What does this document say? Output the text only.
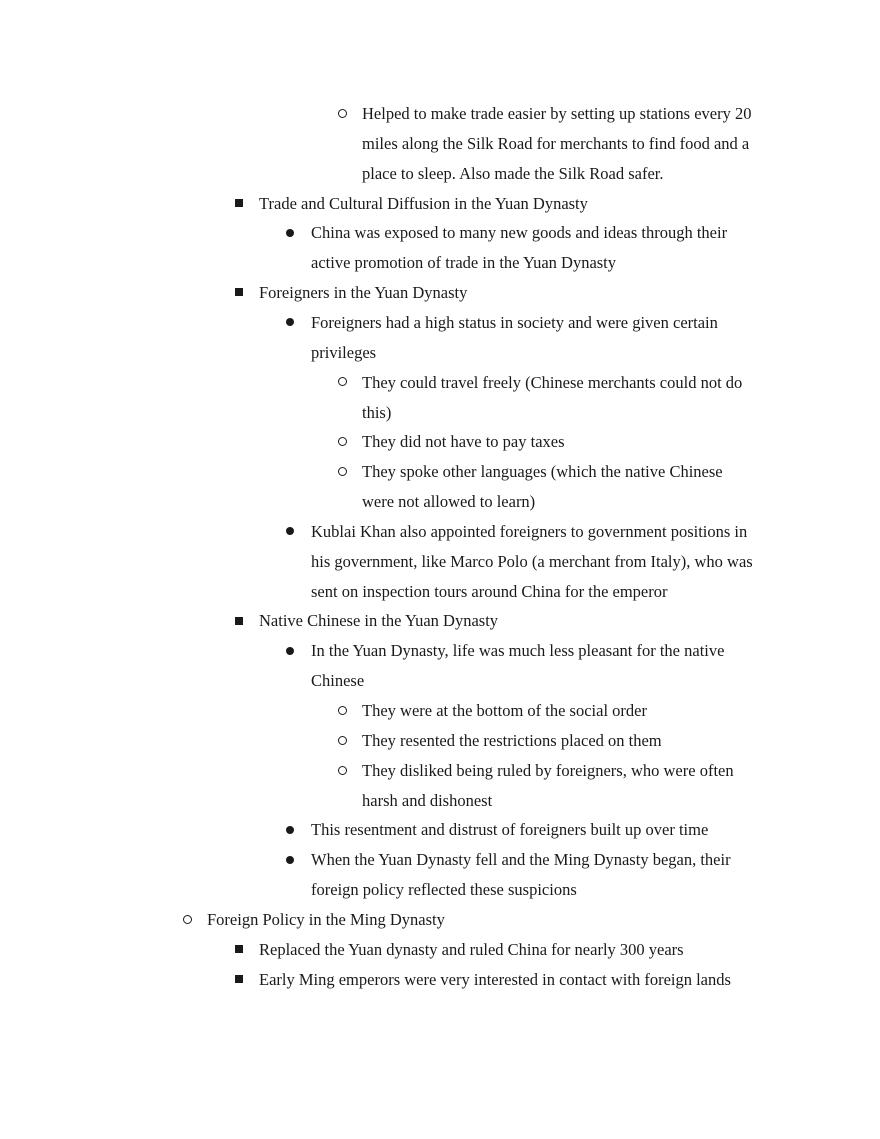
Helped to make trade easier by setting up stations every 20
miles along the Silk Road for merchants to find food and a
place to sleep. Also made the Silk Road safer.
Trade and Cultural Diffusion in the Yuan Dynasty
China was exposed to many new goods and ideas through their
active promotion of trade in the Yuan Dynasty
Foreigners in the Yuan Dynasty
Foreigners had a high status in society and were given certain
privileges
They could travel freely (Chinese merchants could not do
this)
They did not have to pay taxes
They spoke other languages (which the native Chinese
were not allowed to learn)
Kublai Khan also appointed foreigners to government positions in
his government, like Marco Polo (a merchant from Italy), who was
sent on inspection tours around China for the emperor
Native Chinese in the Yuan Dynasty
In the Yuan Dynasty, life was much less pleasant for the native
Chinese
They were at the bottom of the social order
They resented the restrictions placed on them
They disliked being ruled by foreigners, who were often
harsh and dishonest
This resentment and distrust of foreigners built up over time
When the Yuan Dynasty fell and the Ming Dynasty began, their
foreign policy reflected these suspicions
Foreign Policy in the Ming Dynasty
Replaced the Yuan dynasty and ruled China for nearly 300 years
Early Ming emperors were very interested in contact with foreign lands
